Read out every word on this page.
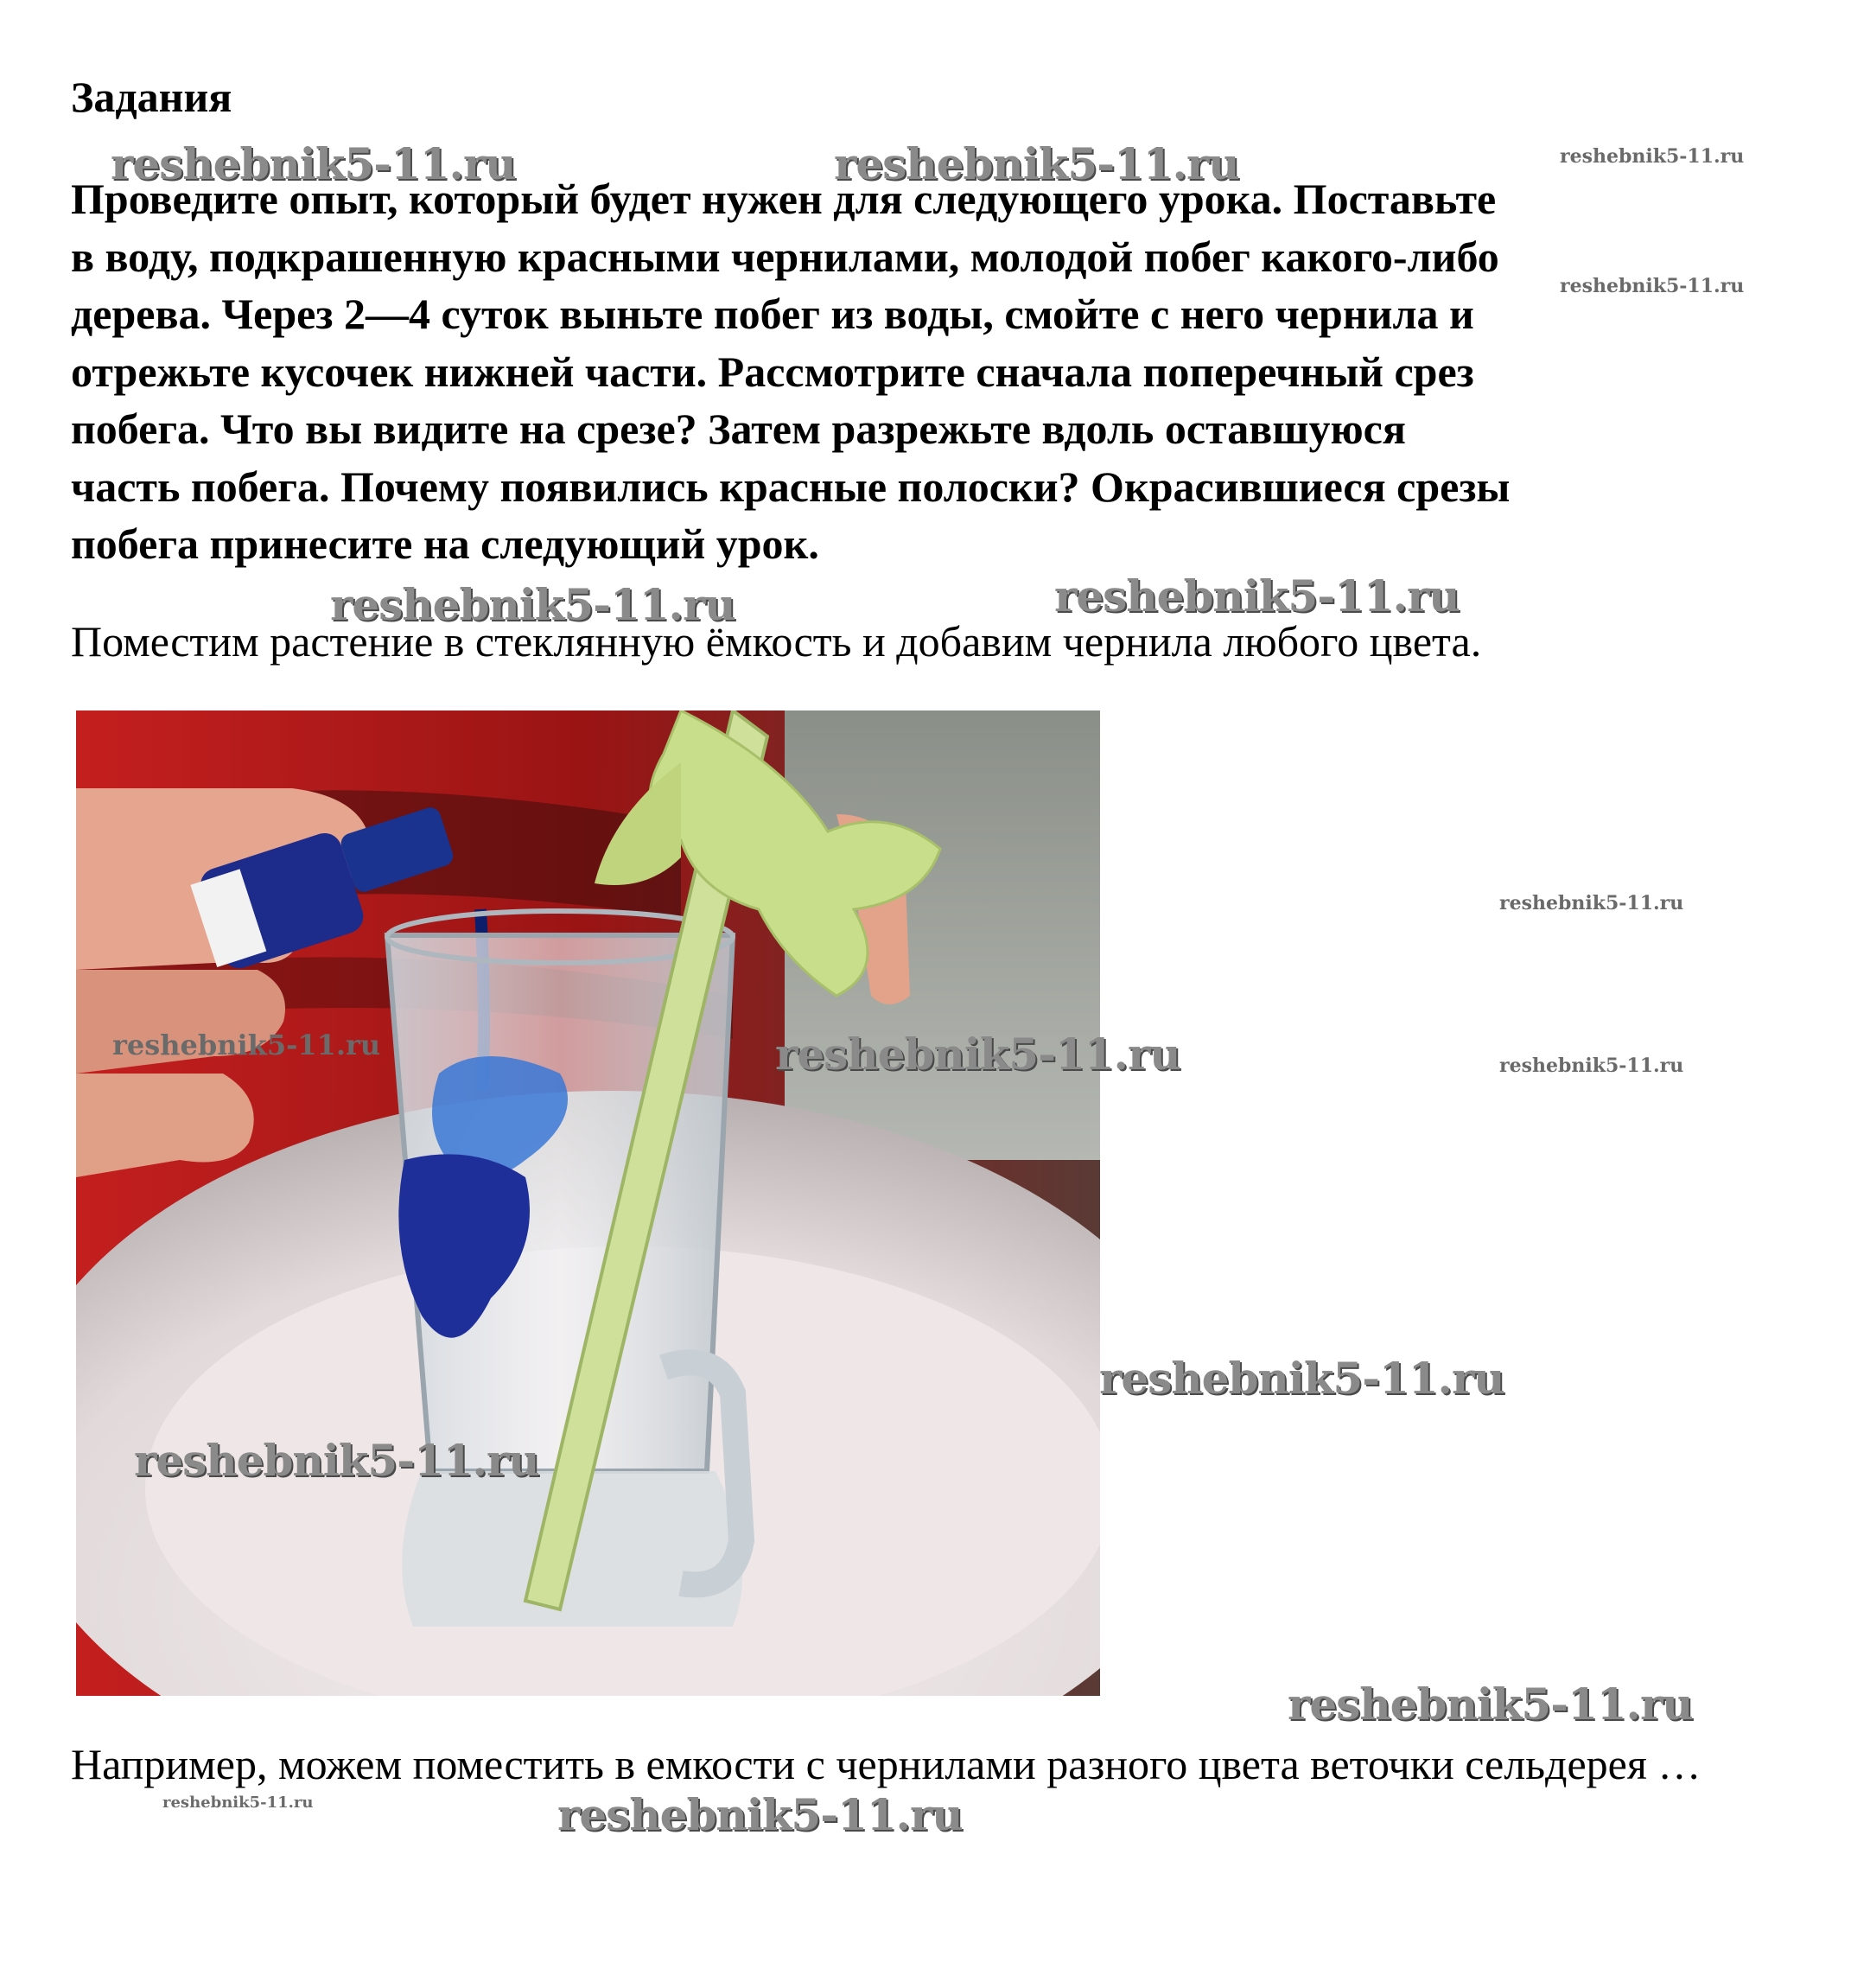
Задания
Проведите опыт, который будет нужен для следующего урока. Поставьте
в воду, подкрашенную красными чернилами, молодой побег какого-либо
дерева. Через 2—4 суток выньте побег из воды, смойте с него чернила и
отрежьте кусочек нижней части. Рассмотрите сначала поперечный срез
побега. Что вы видите на срезе? Затем разрежьте вдоль оставшуюся
часть побега. Почему появились красные полоски? Окрасившиеся срезы
побега принесите на следующий урок.
Поместим растение в стеклянную ёмкость и добавим чернила любого цвета.
Например, можем поместить в емкости с чернилами разного цвета веточки сельдерея …
reshebnik5-11.ru	reshebnik5-11.ru	reshebnik5-11.ru
reshebnik5-11.ru
reshebnik5-11.ru	reshebnik5-11.ru
reshebnik5-11.ru
reshebnik5-11.ru	reshebnik5-11.ru	reshebnik5-11.ru
reshebnik5-11.ru
reshebnik5-11.ru
reshebnik5-11.ru
reshebnik5-11.ru	reshebnik5-11.ru
